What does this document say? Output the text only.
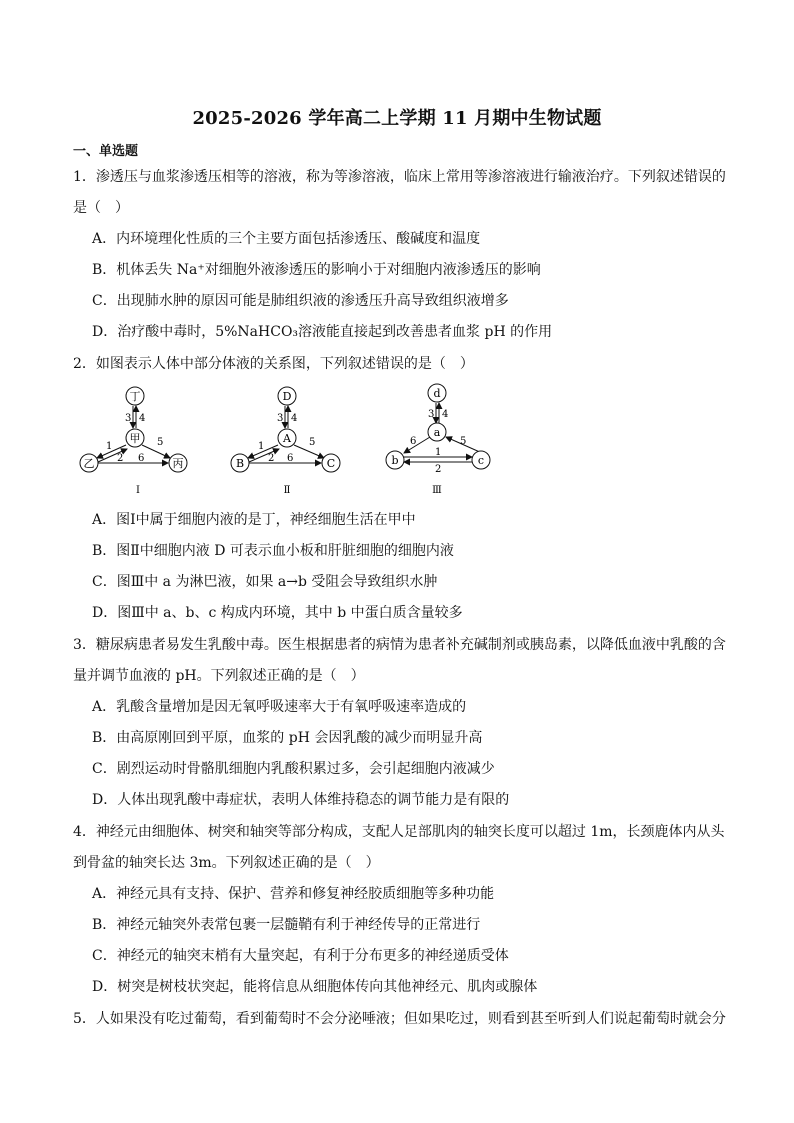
2025-2026 学年高二上学期 11 月期中生物试题
一、单选题
1．渗透压与血浆渗透压相等的溶液，称为等渗溶液，临床上常用等渗溶液进行输液治疗。下列叙述错误的
是（　）
A．内环境理化性质的三个主要方面包括渗透压、酸碱度和温度
B．机体丢失 Na⁺对细胞外液渗透压的影响小于对细胞内液渗透压的影响
C．出现肺水肿的原因可能是肺组织液的渗透压升高导致组织液增多
D．治疗酸中毒时，5%NaHCO₃溶液能直接起到改善患者血浆 pH 的作用
2．如图表示人体中部分体液的关系图，下列叙述错误的是（　）
丁
甲
乙	丙
3 4
1
2
5
6
Ⅰ
D
A
B	C
3 4
1
2
5
6
Ⅱ
d
a
b	c
3 4
6	5
1
2
Ⅲ
A．图Ⅰ中属于细胞内液的是丁，神经细胞生活在甲中
B．图Ⅱ中细胞内液 D 可表示血小板和肝脏细胞的细胞内液
C．图Ⅲ中 a 为淋巴液，如果 a→b 受阻会导致组织水肿
D．图Ⅲ中 a、b、c 构成内环境，其中 b 中蛋白质含量较多
3．糖尿病患者易发生乳酸中毒。医生根据患者的病情为患者补充碱制剂或胰岛素，以降低血液中乳酸的含
量并调节血液的 pH。下列叙述正确的是（　）
A．乳酸含量增加是因无氧呼吸速率大于有氧呼吸速率造成的
B．由高原刚回到平原，血浆的 pH 会因乳酸的减少而明显升高
C．剧烈运动时骨骼肌细胞内乳酸积累过多，会引起细胞内液减少
D．人体出现乳酸中毒症状，表明人体维持稳态的调节能力是有限的
4．神经元由细胞体、树突和轴突等部分构成，支配人足部肌肉的轴突长度可以超过 1m，长颈鹿体内从头
到骨盆的轴突长达 3m。下列叙述正确的是（　）
A．神经元具有支持、保护、营养和修复神经胶质细胞等多种功能
B．神经元轴突外表常包裹一层髓鞘有利于神经传导的正常进行
C．神经元的轴突末梢有大量突起，有利于分布更多的神经递质受体
D．树突是树枝状突起，能将信息从细胞体传向其他神经元、肌肉或腺体
5．人如果没有吃过葡萄，看到葡萄时不会分泌唾液；但如果吃过，则看到甚至听到人们说起葡萄时就会分
